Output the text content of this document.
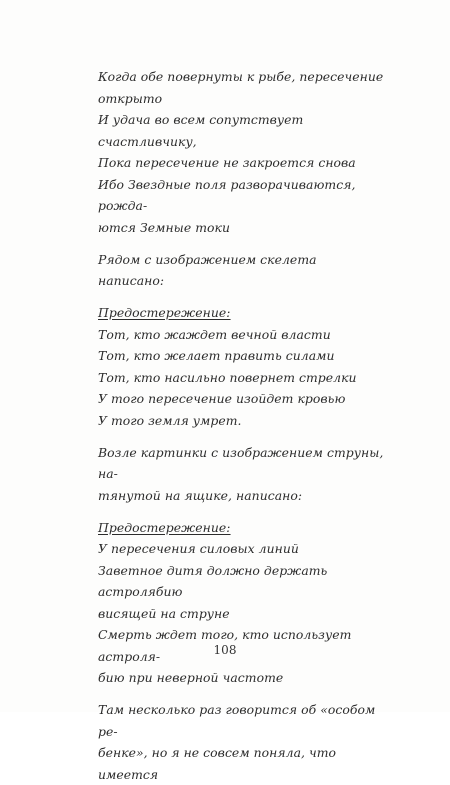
Когда обе повернуты к рыбе, пересечение
открыто
И удача во всем сопутствует счастливчику,
Пока пересечение не закроется снова
Ибо Звездные поля разворачиваются, рожда-
ются Земные токи

Рядом с изображением скелета написано:

Предостережение:
Тот, кто жаждет вечной власти
Тот, кто желает править силами
Тот, кто насильно повернет стрелки
У того пересечение изойдет кровью
У того земля умрет.

Возле картинки с изображением струны, на-
тянутой на ящике, написано:

Предостережение:
У пересечения силовых линий
Заветное дитя должно держать астролябию
висящей на струне
Смерть ждет того, кто использует астроля-
бию при неверной частоте

Там несколько раз говорится об «особом ре-
бенке», но я не совсем поняла, что имеется

108
